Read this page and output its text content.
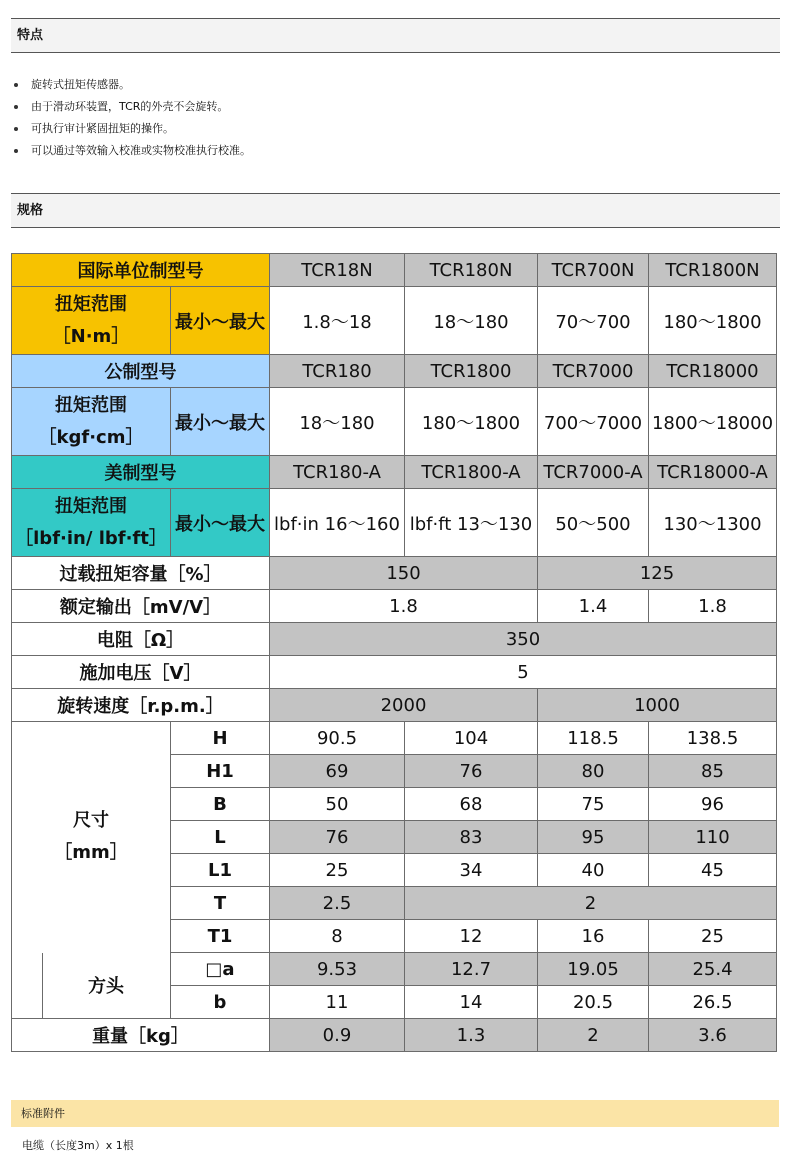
特点
旋转式扭矩传感器。
由于滑动环装置，TCR的外壳不会旋转。
可执行审计紧固扭矩的操作。
可以通过等效输入校准或实物校准执行校准。
规格
国际单位制型号		TCR18N	TCR180N	TCR700N	TCR1800N

扭矩范围
［N·m］	最小～最大	1.8～18	18～180	70～700	180～1800
公制型号		TCR180	TCR1800	TCR7000	TCR18000

扭矩范围
［kgf·cm］	最小～最大	18～180	180～1800	700～7000	1800～18000
美制型号		TCR180-A	TCR1800-A	TCR7000-A	TCR18000-A

扭矩范围
［lbf·in/ lbf·ft］	最小～最大	lbf·in 16～160	lbf·ft 13～130	50～500	130～1300
过载扭矩容量［%］		150		125	
额定输出［mV/V］		1.8		1.4	1.8
电阻［Ω］		350			
施加电压［V］		5			
旋转速度［r.p.m.］		2000		1000	

尺寸
［mm］	H	90.5	104	118.5	138.5
	H1	69	76	80	85
	B	50	68	75	96
	L	76	83	95	110
	L1	25	34	40	45
	T	2.5	2		
	T1	8	12	16	25

方头	□a	9.53	12.7	19.05	25.4
	b	11	14	20.5	26.5
重量［kg］		0.9	1.3	2	3.6
标准附件
电缆（长度3m）x 1根
